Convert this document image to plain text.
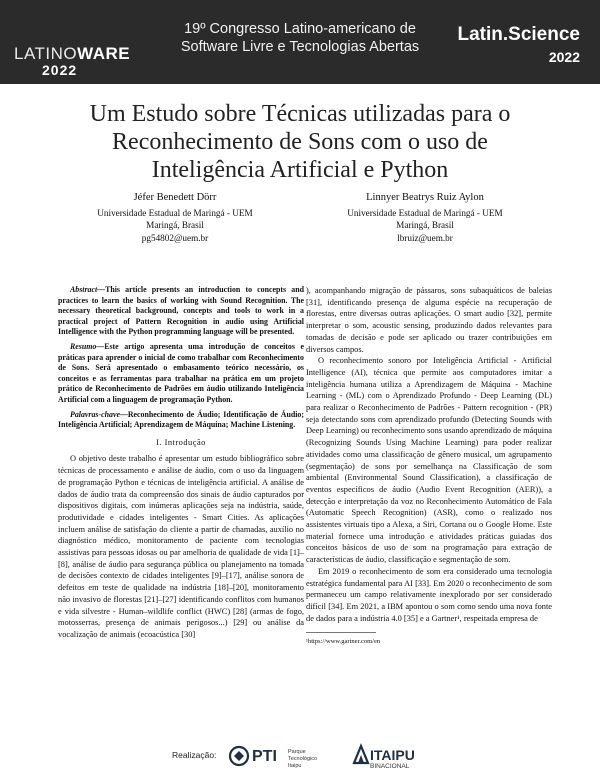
LATINOWARE
2022
19º Congresso Latino-americano de
Software Livre e Tecnologias Abertas
Latin.Science
2022
Um Estudo sobre Técnicas utilizadas para o Reconhecimento de Sons com o uso de Inteligência Artificial e Python
Jéfer Benedett Dörr
Universidade Estadual de Maringá - UEM
Maringá, Brasil
pg54802@uem.br
Linnyer Beatrys Ruiz Aylon
Universidade Estadual de Maringá - UEM
Maringá, Brasil
lbruiz@uem.br

Abstract—This article presents an introduction to concepts and practices to learn the basics of working with Sound Recognition. The necessary theoretical background, concepts and tools to work in a practical project of Pattern Recognition in audio using Artificial Intelligence with the Python programming language will be presented.

Resumo—Este artigo apresenta uma introdução de conceitos e práticas para aprender o inicial de como trabalhar com Reconhecimento de Sons. Será apresentado o embasamento teórico necessário, os conceitos e as ferramentas para trabalhar na prática em um projeto prático de Reconhecimento de Padrões em áudio utilizando Inteligência Artificial com a linguagem de programação Python.

Palavras-chave—Reconhecimento de Áudio; Identificação de Áudio; Inteligência Artificial; Aprendizagem de Máquina; Machine Listening.

I. Introdução

O objetivo deste trabalho é apresentar um estudo bibliográfico sobre técnicas de processamento e análise de áudio, com o uso da linguagem de programação Python e técnicas de inteligência artificial. A análise de dados de áudio trata da compreensão dos sinais de áudio capturados por dispositivos digitais, com inúmeras aplicações seja na indústria, saúde, produtividade e cidades inteligentes - Smart Cities. As aplicações incluem análise de satisfação do cliente a partir de chamadas, auxílio no diagnóstico médico, monitoramento de paciente com tecnologias assistivas para pessoas idosas ou par amelhoria de qualidade de vida [1]–[8], análise de áudio para segurança pública ou planejamento na tomada de decisões contexto de cidades inteligentes [9]–[17], análise sonora de defeitos em teste de qualidade na indústria [18]–[20], monitoramento não invasivo de florestas [21]–[27] identificando conflitos com humanos e vida silvestre - Human–wildlife conflict (HWC) [28] (armas de fogo, motosserras, presença de animais perigosos...) [29] ou análise da vocalização de animais (ecoacústica [30]

), acompanhando migração de pássaros, sons subaquáticos de baleias [31], identificando presença de alguma espécie na recuperação de florestas, entre diversas outras aplicações. O smart audio [32], permite interpretar o som, acoustic sensing, produzindo dados relevantes para tomadas de decisão e pode ser aplicado ou trazer contribuições em diversos campos.

O reconhecimento sonoro por Inteligência Artificial - Artificial Intelligence (AI), técnica que permite aos computadores imitar a inteligência humana utiliza a Aprendizagem de Máquina - Machine Learning - (ML) com o Aprendizado Profundo - Deep Learning (DL) para realizar o Reconhecimento de Padrões - Pattern recognition - (PR) seja detectando sons com aprendizado profundo (Detecting Sounds with Deep Learning) ou reconhecimento sons usando aprendizado de máquina (Recognizing Sounds Using Machine Learning) para poder realizar atividades como uma classificação de gênero musical, um agrupamento (segmentação) de sons por semelhança na Classificação de som ambiental (Environmental Sound Classification), a classificação de eventos específicos de áudio (Audio Event Recognition (AER)), a detecção e interpretação da voz no Reconhecimento Automático de Fala (Automatic Speech Recognition) (ASR), como o realizado nos assistentes virtuais tipo a Alexa, a Siri, Cortana ou o Google Home. Este material fornece uma introdução e atividades práticas guiadas dos conceitos básicos de uso de som na programação para extração de características de áudio, classificação e segmentação de som.

Em 2019 o reconhecimento de som era considerado uma tecnologia estratégica fundamental para AI [33]. Em 2020 o reconhecimento de som permaneceu um campo relativamente inexplorado por ser considerado difícil [34]. Em 2021, a IBM apontou o som como sendo uma nova fonte de dados para a indústria 4.0 [35] e a Gartner¹, respeitada empresa de

¹https://www.gartner.com/en
Realização: PTI Parque Tecnológico
Itaipu
ITAIPU
BINACIONAL
